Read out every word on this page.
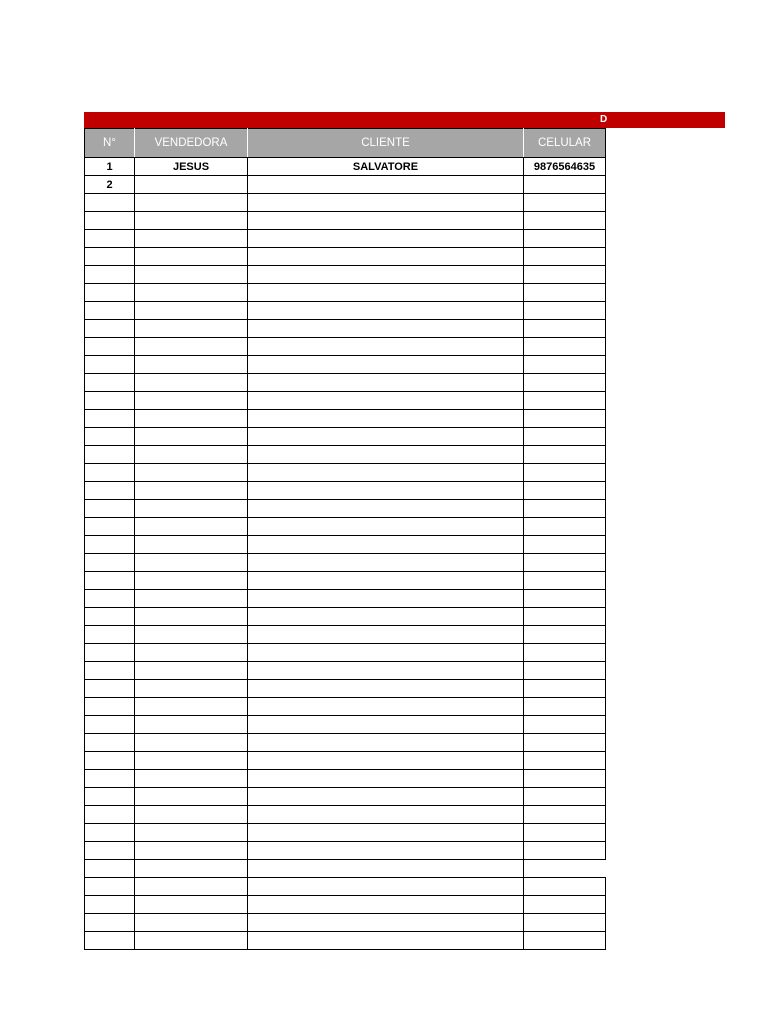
D
N°	VENDEDORA	CLIENTE	CELULAR
1	JESUS	SALVATORE	9876564635
2			
